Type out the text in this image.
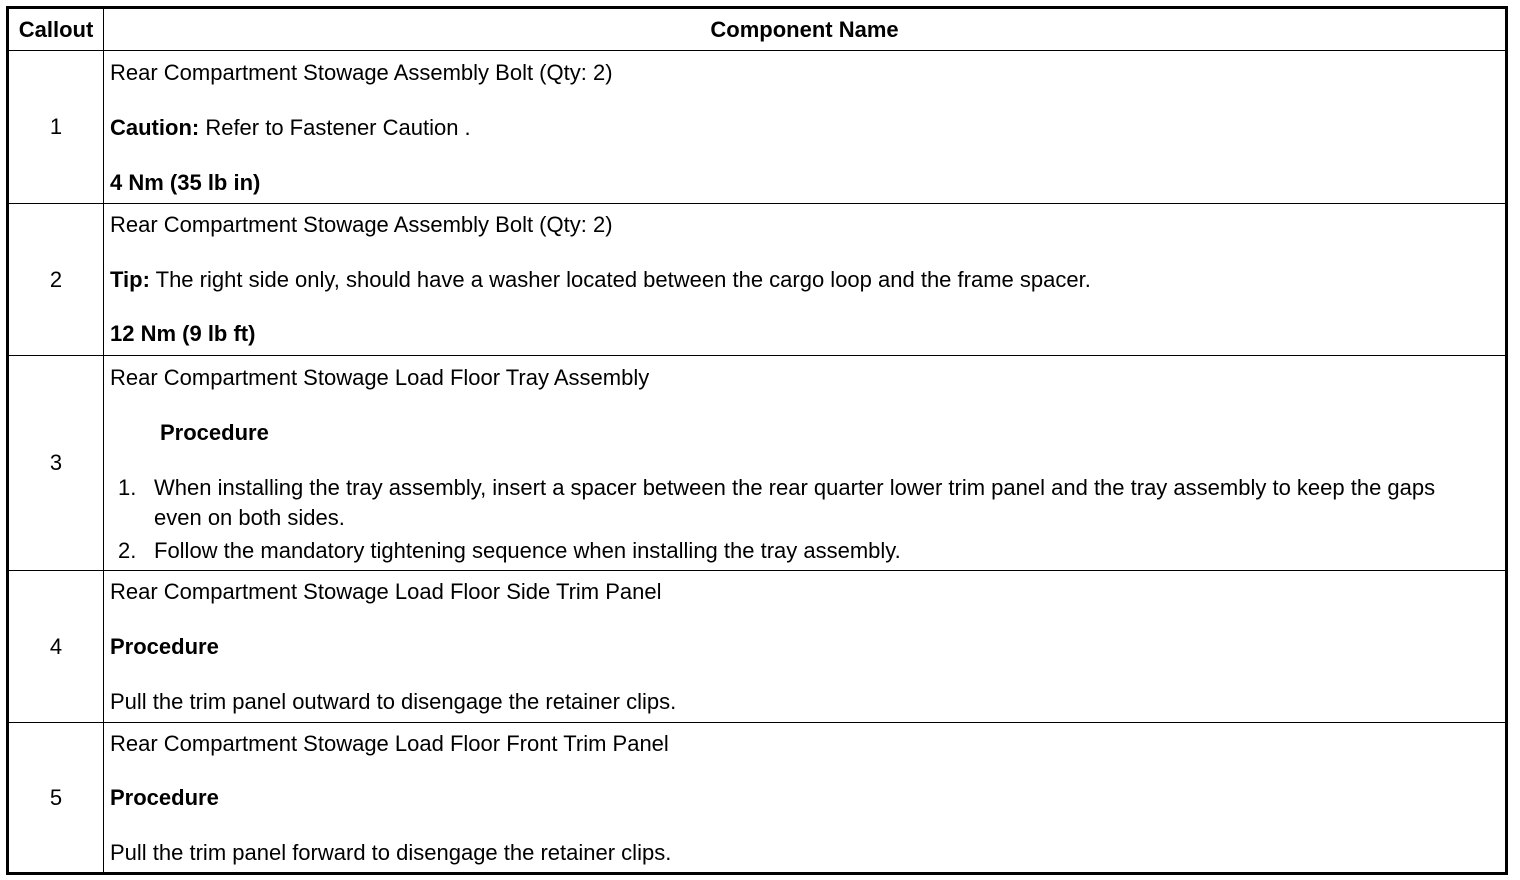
Callout	Component Name
1
Rear Compartment Stowage Assembly Bolt (Qty: 2)
Caution: Refer to Fastener Caution .
4 Nm (35 lb in)
2
Rear Compartment Stowage Assembly Bolt (Qty: 2)
Tip: The right side only, should have a washer located between the cargo loop and the frame spacer.
12 Nm (9 lb ft)
3
Rear Compartment Stowage Load Floor Tray Assembly
Procedure
1. When installing the tray assembly, insert a spacer between the rear quarter lower trim panel and the tray assembly to keep the gaps even on both sides.
2. Follow the mandatory tightening sequence when installing the tray assembly.
4
Rear Compartment Stowage Load Floor Side Trim Panel
Procedure
Pull the trim panel outward to disengage the retainer clips.
5
Rear Compartment Stowage Load Floor Front Trim Panel
Procedure
Pull the trim panel forward to disengage the retainer clips.
